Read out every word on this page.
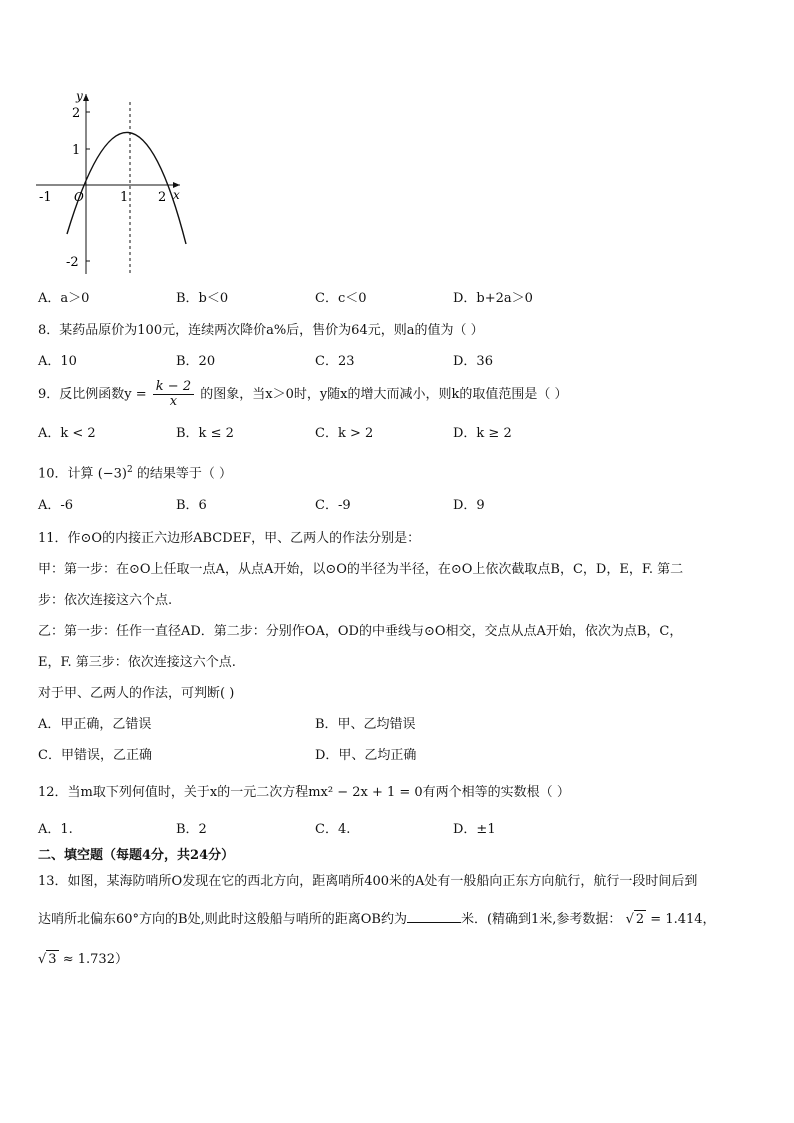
y
x
O
2
1
-2
-1	1 2
A．a＞0	B．b＜0	C．c＜0	D．b+2a＞0
8．某药品原价为100元，连续两次降价a%后，售价为64元，则a的值为（ ）
A．10	B．20	C．23	D．36
9．反比例函数$y = \frac{k - 2}{x}$ 的图象，当x＞0时，y随x的增大而减小，则k的取值范围是（ ）
A．k < 2	B．k ≤ 2	C．k > 2	D．k ≥ 2
10．计算 $(-3)^2$ 的结果等于（ ）
A．-6	B．6	C．-9	D．9
11．作⊙O的内接正六边形ABCDEF，甲、乙两人的作法分别是：
甲：第一步：在⊙O上任取一点A，从点A开始，以⊙O的半径为半径，在⊙O上依次截取点B，C，D，E，F. 第二
步：依次连接这六个点.
乙：第一步：任作一直径AD．第二步：分别作OA，OD的中垂线与⊙O相交，交点从点A开始，依次为点B，C，
E，F. 第三步：依次连接这六个点.
对于甲、乙两人的作法，可判断( )
A．甲正确，乙错误	B．甲、乙均错误
C．甲错误，乙正确	D．甲、乙均正确
12．当m取下列何值时，关于x的一元二次方程mx² − 2x + 1 = 0有两个相等的实数根（ ）
A．1.	B．2	C．4.	D．±1
二、填空题（每题4分，共24分）
13．如图，某海防哨所O发现在它的西北方向，距离哨所400米的A处有一般船向正东方向航行，航行一段时间后到
达哨所北偏东60°方向的B处,则此时这般船与哨所的距离OB约为	米．(精确到1米,参考数据： √ 2 = 1.414，
√ 3 ≈ 1.732）
